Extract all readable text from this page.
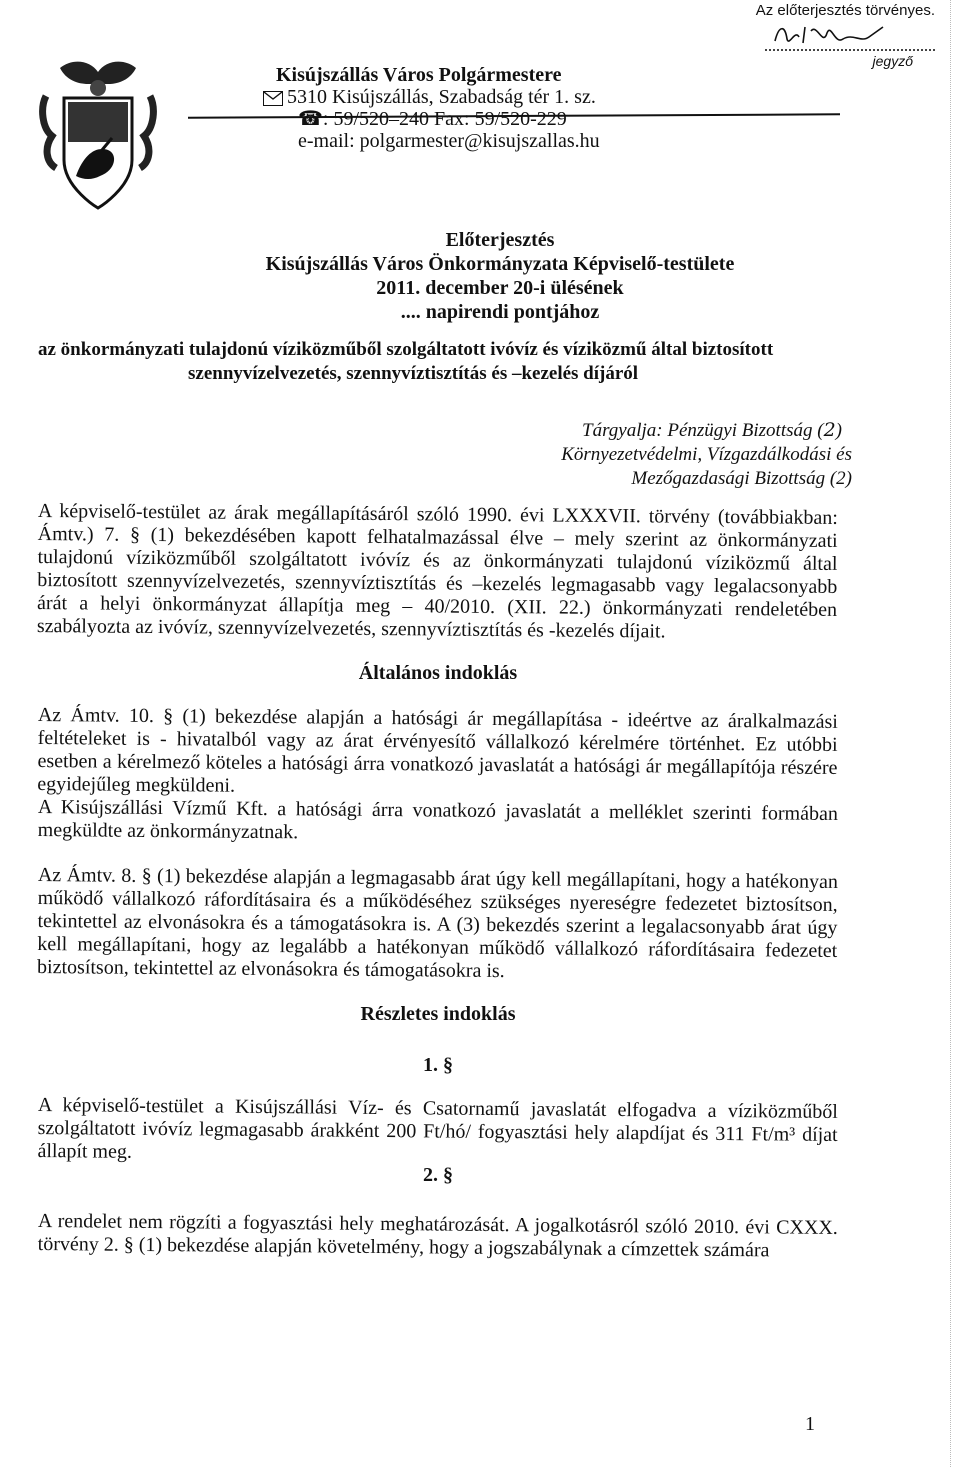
Az előterjesztés törvényes.
jegyző
Kisújszállás Város Polgármestere
5310 Kisújszállás, Szabadság tér 1. sz.
☎: 59/520–240 Fax: 59/520-229
e-mail: polgarmester@kisujszallas.hu
Előterjesztés
Kisújszállás Város Önkormányzata Képviselő-testülete
2011. december 20-i ülésének
.... napirendi pontjához
az önkormányzati tulajdonú víziközműből szolgáltatott ivóvíz és víziközmű által biztosított
szennyvízelvezetés, szennyvíztisztítás és –kezelés díjáról
Tárgyalja: Pénzügyi Bizottság (2)
Környezetvédelmi, Vízgazdálkodási és
Mezőgazdasági Bizottság (2)
A képviselő-testület az árak megállapításáról szóló 1990. évi LXXXVII. törvény (továbbiakban: Ámtv.) 7. § (1) bekezdésében kapott felhatalmazással élve – mely szerint az önkormányzati tulajdonú víziközműből szolgáltatott ivóvíz és az önkormányzati tulajdonú víziközmű által biztosított szennyvízelvezetés, szennyvíztisztítás és –kezelés legmagasabb vagy legalacsonyabb árát a helyi önkormányzat állapítja meg – 40/2010. (XII. 22.) önkormányzati rendeletében szabályozta az ivóvíz, szennyvízelvezetés, szennyvíztisztítás és -kezelés díjait.
Általános indoklás
Az Ámtv. 10. § (1) bekezdése alapján a hatósági ár megállapítása - ideértve az áralkalmazási feltételeket is - hivatalból vagy az árat érvényesítő vállalkozó kérelmére történhet. Ez utóbbi esetben a kérelmező köteles a hatósági árra vonatkozó javaslatát a hatósági ár megállapítója részére egyidejűleg megküldeni.
A Kisújszállási Vízmű Kft. a hatósági árra vonatkozó javaslatát a melléklet szerinti formában megküldte az önkormányzatnak.
Az Ámtv. 8. § (1) bekezdése alapján a legmagasabb árat úgy kell megállapítani, hogy a hatékonyan működő vállalkozó ráfordításaira és a működéséhez szükséges nyereségre fedezetet biztosítson, tekintettel az elvonásokra és a támogatásokra is. A (3) bekezdés szerint a legalacsonyabb árat úgy kell megállapítani, hogy az legalább a hatékonyan működő vállalkozó ráfordításaira fedezetet biztosítson, tekintettel az elvonásokra és támogatásokra is.
Részletes indoklás
1. §
A képviselő-testület a Kisújszállási Víz- és Csatornamű javaslatát elfogadva a víziközműből szolgáltatott ivóvíz legmagasabb árakként 200 Ft/hó/ fogyasztási hely alapdíjat és 311 Ft/m³ díjat állapít meg.
2. §
A rendelet nem rögzíti a fogyasztási hely meghatározását. A jogalkotásról szóló 2010. évi CXXX. törvény 2. § (1) bekezdése alapján követelmény, hogy a jogszabálynak a címzettek számára
1
